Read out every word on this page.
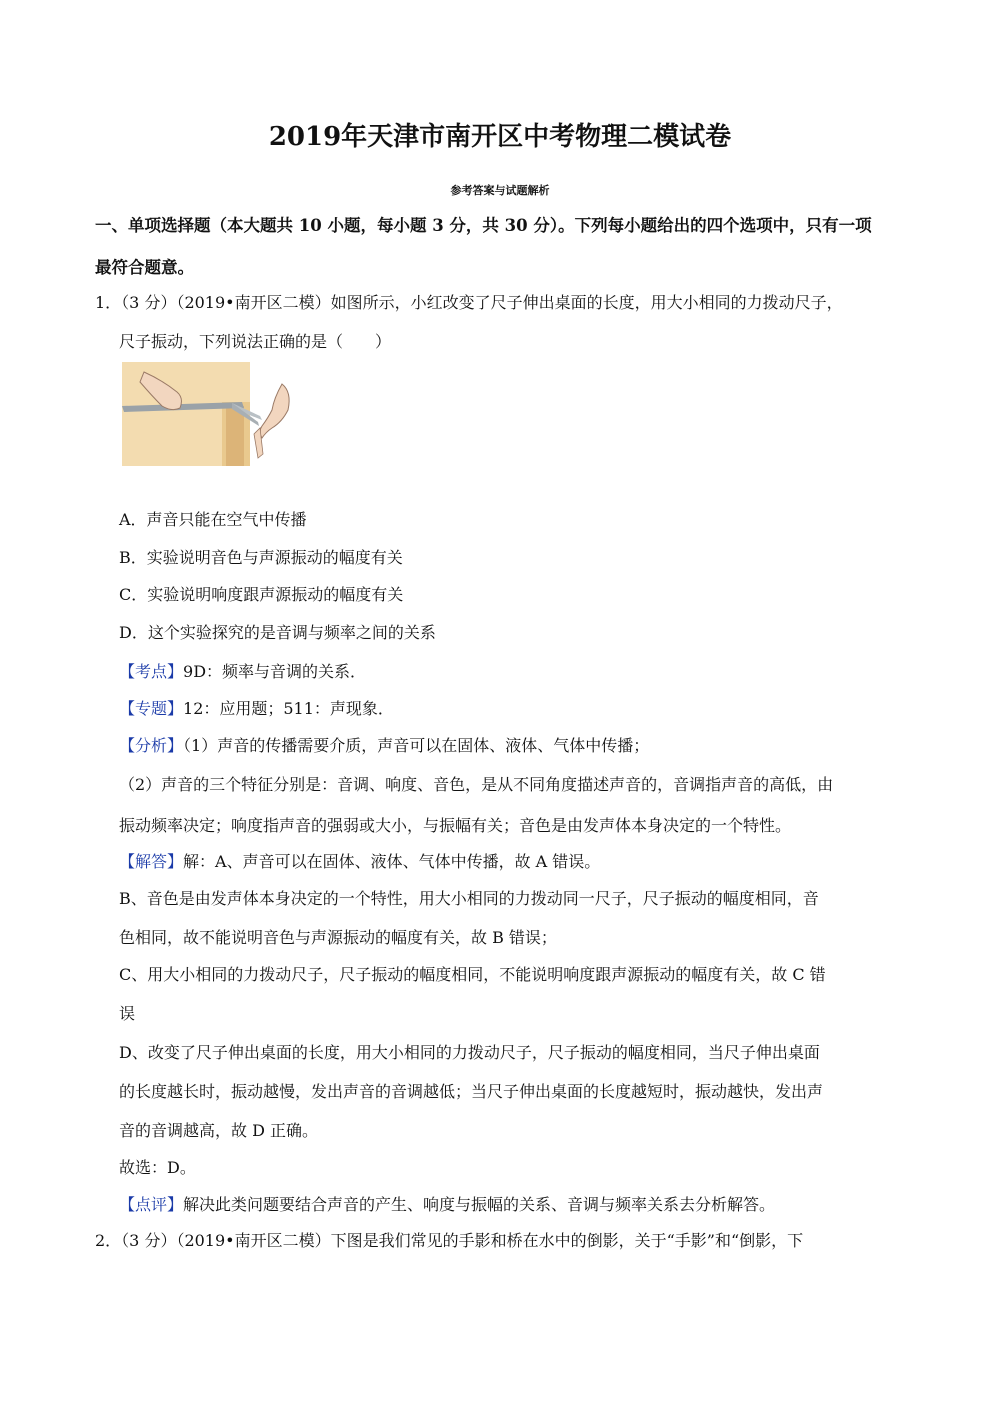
2019年天津市南开区中考物理二模试卷
参考答案与试题解析
一、单项选择题（本大题共 10 小题，每小题 3 分，共 30 分）。下列每小题给出的四个选项中，只有一项
最符合题意。
1．（3 分）（2019•南开区二模）如图所示，小红改变了尺子伸出桌面的长度，用大小相同的力拨动尺子，
尺子振动，下列说法正确的是（　　）
A．声音只能在空气中传播
B．实验说明音色与声源振动的幅度有关
C．实验说明响度跟声源振动的幅度有关
D．这个实验探究的是音调与频率之间的关系
【考点】9D：频率与音调的关系．
【专题】12：应用题；511：声现象．
【分析】（1）声音的传播需要介质，声音可以在固体、液体、气体中传播；
（2）声音的三个特征分别是：音调、响度、音色，是从不同角度描述声音的，音调指声音的高低，由
振动频率决定；响度指声音的强弱或大小，与振幅有关；音色是由发声体本身决定的一个特性。
【解答】解：A、声音可以在固体、液体、气体中传播，故 A 错误。
B、音色是由发声体本身决定的一个特性，用大小相同的力拨动同一尺子，尺子振动的幅度相同，音
色相同，故不能说明音色与声源振动的幅度有关，故 B 错误；
C、用大小相同的力拨动尺子，尺子振动的幅度相同，不能说明响度跟声源振动的幅度有关，故 C 错
误
D、改变了尺子伸出桌面的长度，用大小相同的力拨动尺子，尺子振动的幅度相同，当尺子伸出桌面
的长度越长时，振动越慢，发出声音的音调越低；当尺子伸出桌面的长度越短时，振动越快，发出声
音的音调越高，故 D 正确。
故选：D。
【点评】解决此类问题要结合声音的产生、响度与振幅的关系、音调与频率关系去分析解答。
2．（3 分）（2019•南开区二模）下图是我们常见的手影和桥在水中的倒影，关于“手影”和“倒影，下
